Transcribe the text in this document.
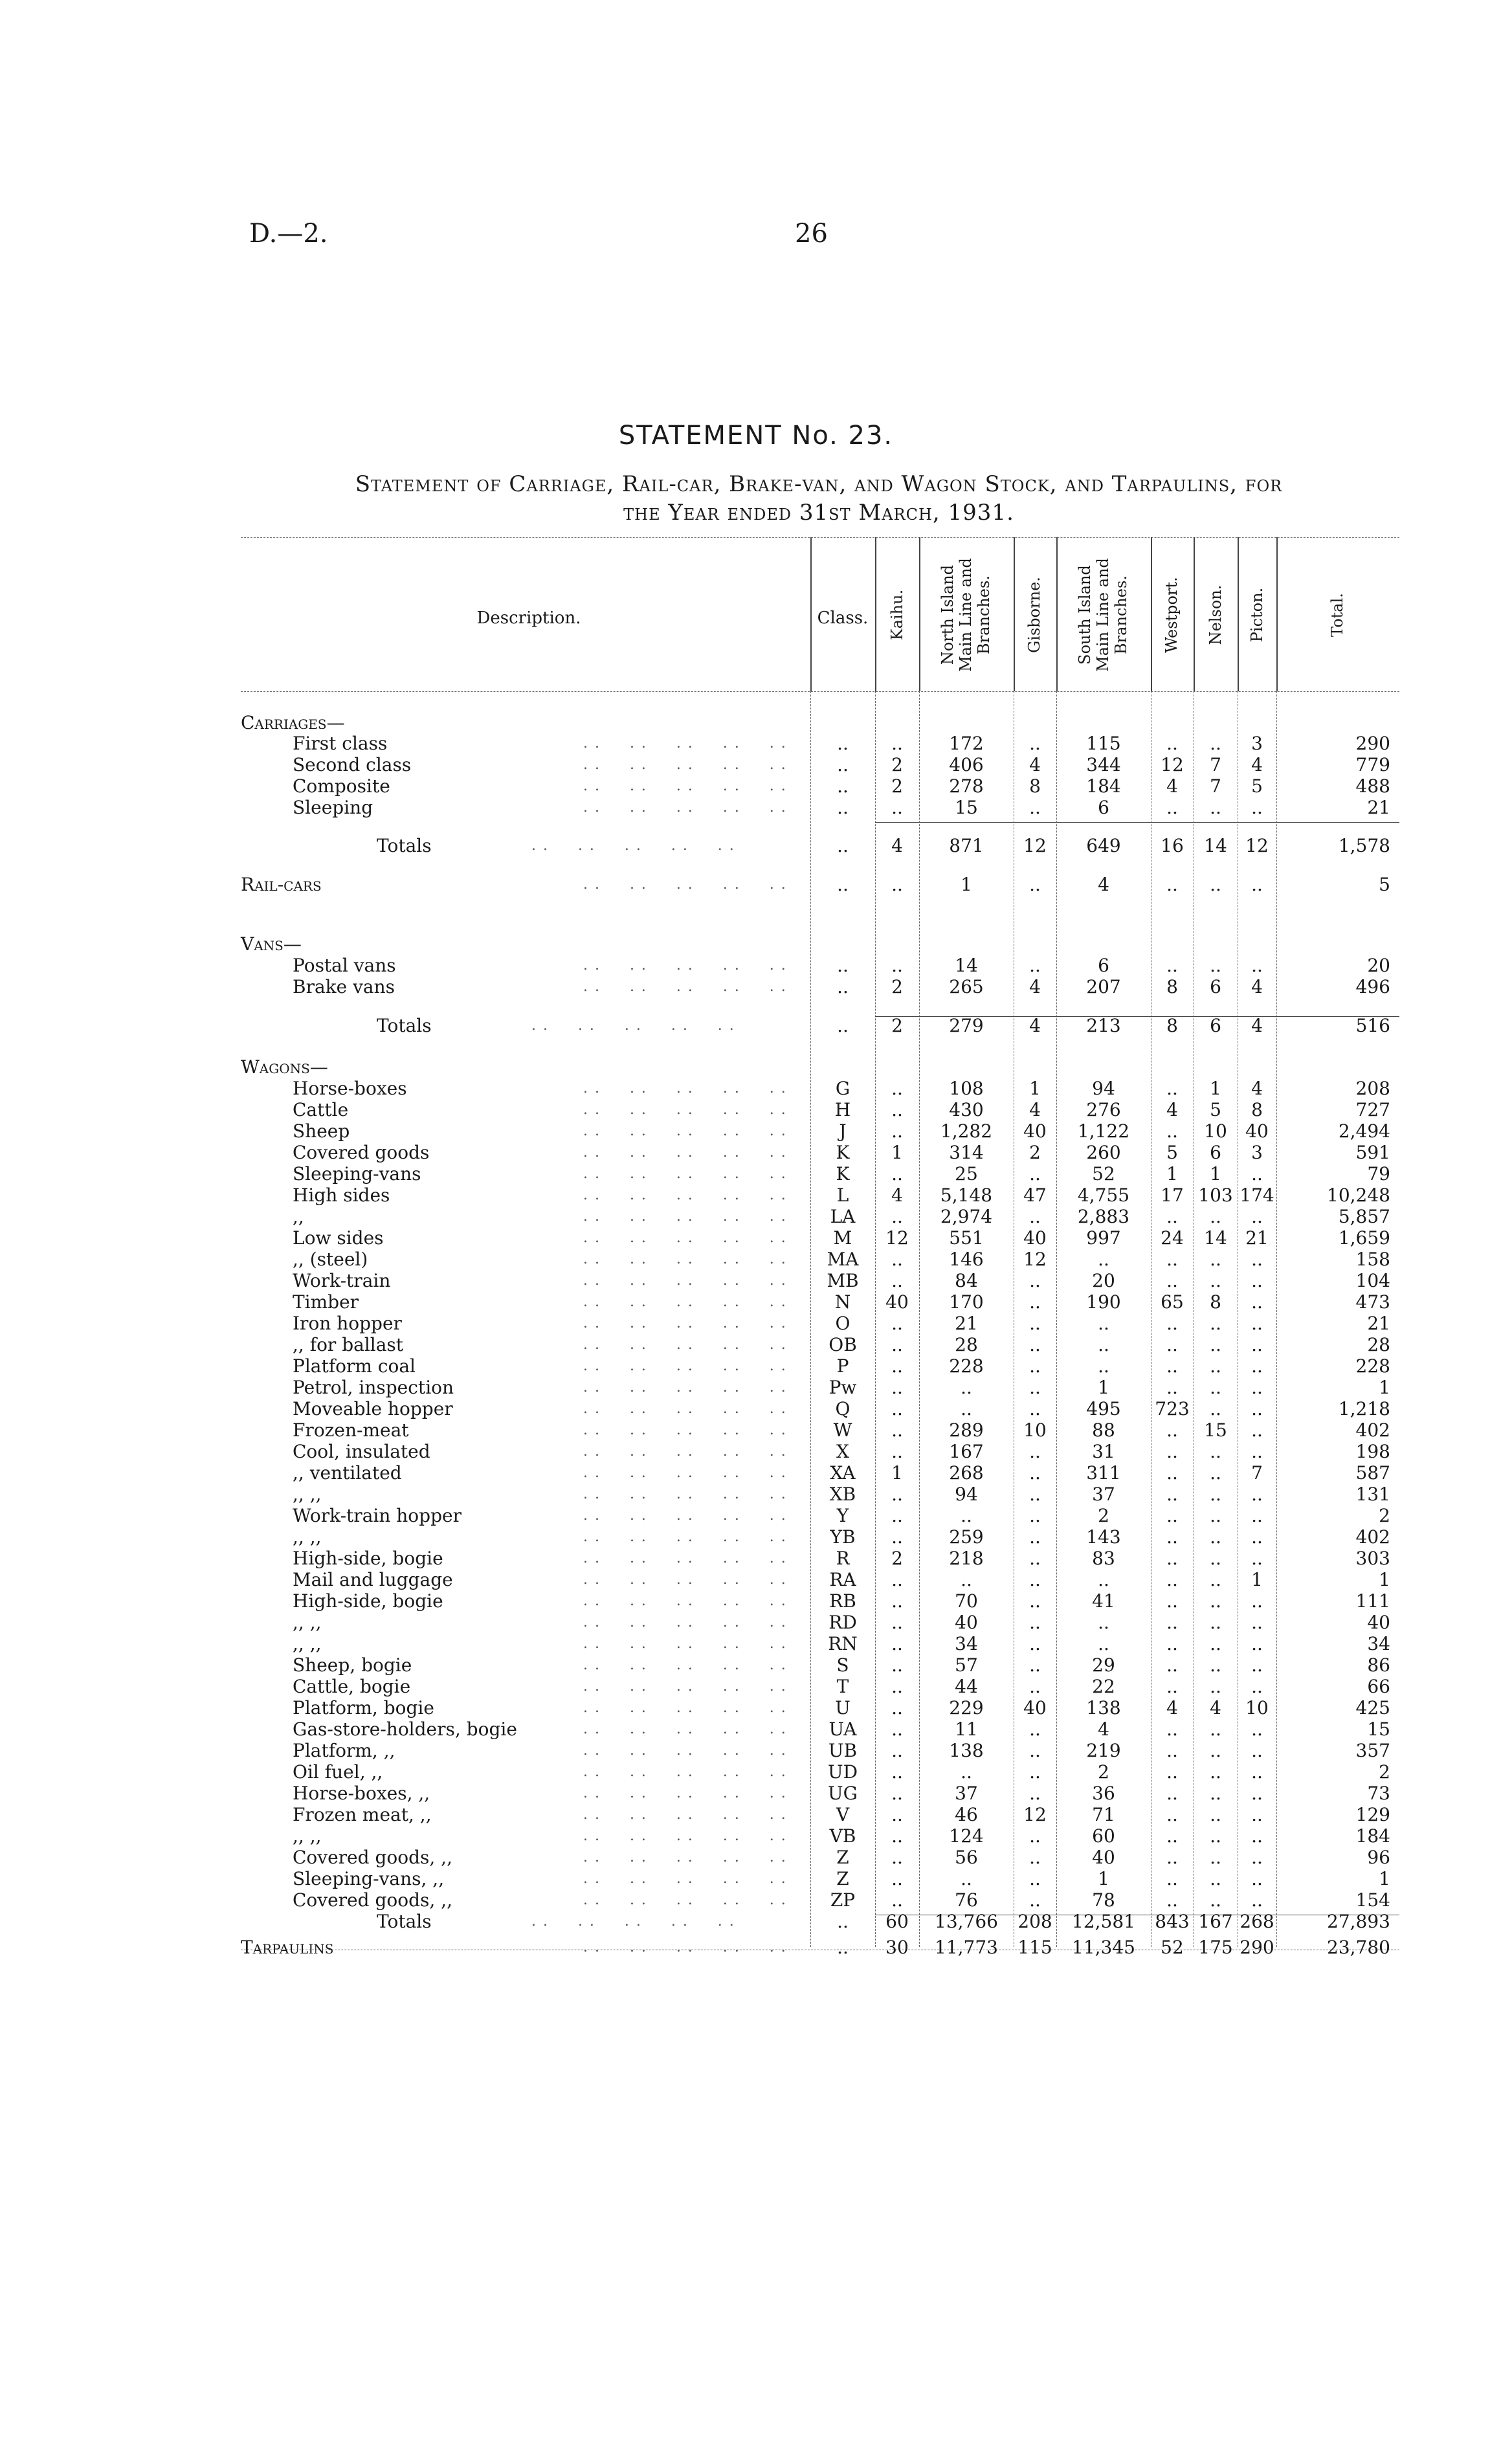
D.—2.	26
STATEMENT No. 23.
Statement of Carriage, Rail-car, Brake-van, and Wagon Stock, and Tarpaulins, for
the Year ended 31st March, 1931.
Description.	Class.	Kaihu. North Island Main Line and Branches. Gisborne. South Island Main Line and Branches. Westport. Nelson. Picton.	Total.
Carriages—
First class	. .     . .     . .     . .     . .	..	..	172	..	115	..	..	3	290
Second class	. .     . .     . .     . .     . .	..	2	406	4	344	12	7	4	779
Composite	. .     . .     . .     . .     . .	..	2	278	8	184	4	7	5	488
Sleeping	. .     . .     . .     . .     . .	..	..	15	..	6	..	..	..	21
Totals	. .     . .     . .     . .     . .	..	4	871	12	649	16	14	12	1,578
Rail-cars	. .     . .     . .     . .     . .	..	..	1	..	4	..	..	..	5
Vans—
Postal vans	. .     . .     . .     . .     . .	..	..	14	..	6	..	..	..	20
Brake vans	. .     . .     . .     . .     . .	..	2	265	4	207	8	6	4	496
Totals	. .     . .     . .     . .     . .	..	2	279	4	213	8	6	4	516
Wagons—
Horse-boxes	. .     . .     . .     . .     . .	G	..	108	1	94	..	1	4	208
Cattle	. .     . .     . .     . .     . .	H	..	430	4	276	4	5	8	727
Sheep	. .     . .     . .     . .     . .	J	..	1,282	40	1,122	..	10	40	2,494
Covered goods	. .     . .     . .     . .     . .	K	1	314	2	260	5	6	3	591
Sleeping-vans	. .     . .     . .     . .     . .	K	..	25	..	52	1	1	..	79
High sides	. .     . .     . .     . .     . .	L	4	5,148	47	4,755	17 103 174	10,248
,,	. .     . .     . .     . .     . .	LA	..	2,974	..	2,883	..	..	..	5,857
Low sides	. .     . .     . .     . .     . .	M	12	551	40	997	24	14	21	1,659
,, (steel)	. .     . .     . .     . .     . .	MA	..	146	12	..	..	..	..	158
Work-train	. .     . .     . .     . .     . .	MB	..	84	..	20	..	..	..	104
Timber	. .     . .     . .     . .     . .	N	40	170	..	190	65	8	..	473
Iron hopper	. .     . .     . .     . .     . .	O	..	21	..	..	..	..	..	21
,, for ballast	. .     . .     . .     . .     . .	OB	..	28	..	..	..	..	..	28
Platform coal	. .     . .     . .     . .     . .	P	..	228	..	..	..	..	..	228
Petrol, inspection	. .     . .     . .     . .     . .	Pw	..	..	..	1	..	..	..	1
Moveable hopper	. .     . .     . .     . .     . .	Q	..	..	..	495	723	..	..	1,218
Frozen-meat	. .     . .     . .     . .     . .	W	..	289	10	88	..	15	..	402
Cool, insulated	. .     . .     . .     . .     . .	X	..	167	..	31	..	..	..	198
,, ventilated	. .     . .     . .     . .     . .	XA	1	268	..	311	..	..	7	587
,, ,,	. .     . .     . .     . .     . .	XB	..	94	..	37	..	..	..	131
Work-train hopper	. .     . .     . .     . .     . .	Y	..	..	..	2	..	..	..	2
,, ,,	. .     . .     . .     . .     . .	YB	..	259	..	143	..	..	..	402
High-side, bogie	. .     . .     . .     . .     . .	R	2	218	..	83	..	..	..	303
Mail and luggage	. .     . .     . .     . .     . .	RA	..	..	..	..	..	..	1	1
High-side, bogie	. .     . .     . .     . .     . .	RB	..	70	..	41	..	..	..	111
,, ,,	. .     . .     . .     . .     . .	RD	..	40	..	..	..	..	..	40
,, ,,	. .     . .     . .     . .     . .	RN	..	34	..	..	..	..	..	34
Sheep, bogie	. .     . .     . .     . .     . .	S	..	57	..	29	..	..	..	86
Cattle, bogie	. .     . .     . .     . .     . .	T	..	44	..	22	..	..	..	66
Platform, bogie	. .     . .     . .     . .     . .	U	..	229	40	138	4	4	10	425
Gas-store-holders, bogie	. .     . .     . .     . .     . .	UA	..	11	..	4	..	..	..	15
Platform, ,,	. .     . .     . .     . .     . .	UB	..	138	..	219	..	..	..	357
Oil fuel, ,,	. .     . .     . .     . .     . .	UD	..	..	..	2	..	..	..	2
Horse-boxes, ,,	. .     . .     . .     . .     . .	UG	..	37	..	36	..	..	..	73
Frozen meat, ,,	. .     . .     . .     . .     . .	V	..	46	12	71	..	..	..	129
,, ,,	. .     . .     . .     . .     . .	VB	..	124	..	60	..	..	..	184
Covered goods, ,,	. .     . .     . .     . .     . .	Z	..	56	..	40	..	..	..	96
Sleeping-vans, ,,	. .     . .     . .     . .     . .	Z	..	..	..	1	..	..	..	1
Covered goods, ,,	. .     . .     . .     . .     . .	ZP	..	76	..	78	..	..	..	154
Totals	. .     . .     . .     . .     . .	..	60	13,766	208	12,581	843 167 268	27,893
Tarpaulins	. .     . .     . .     . .     . .	..	30	11,773	115	11,345	52 175 290	23,780
